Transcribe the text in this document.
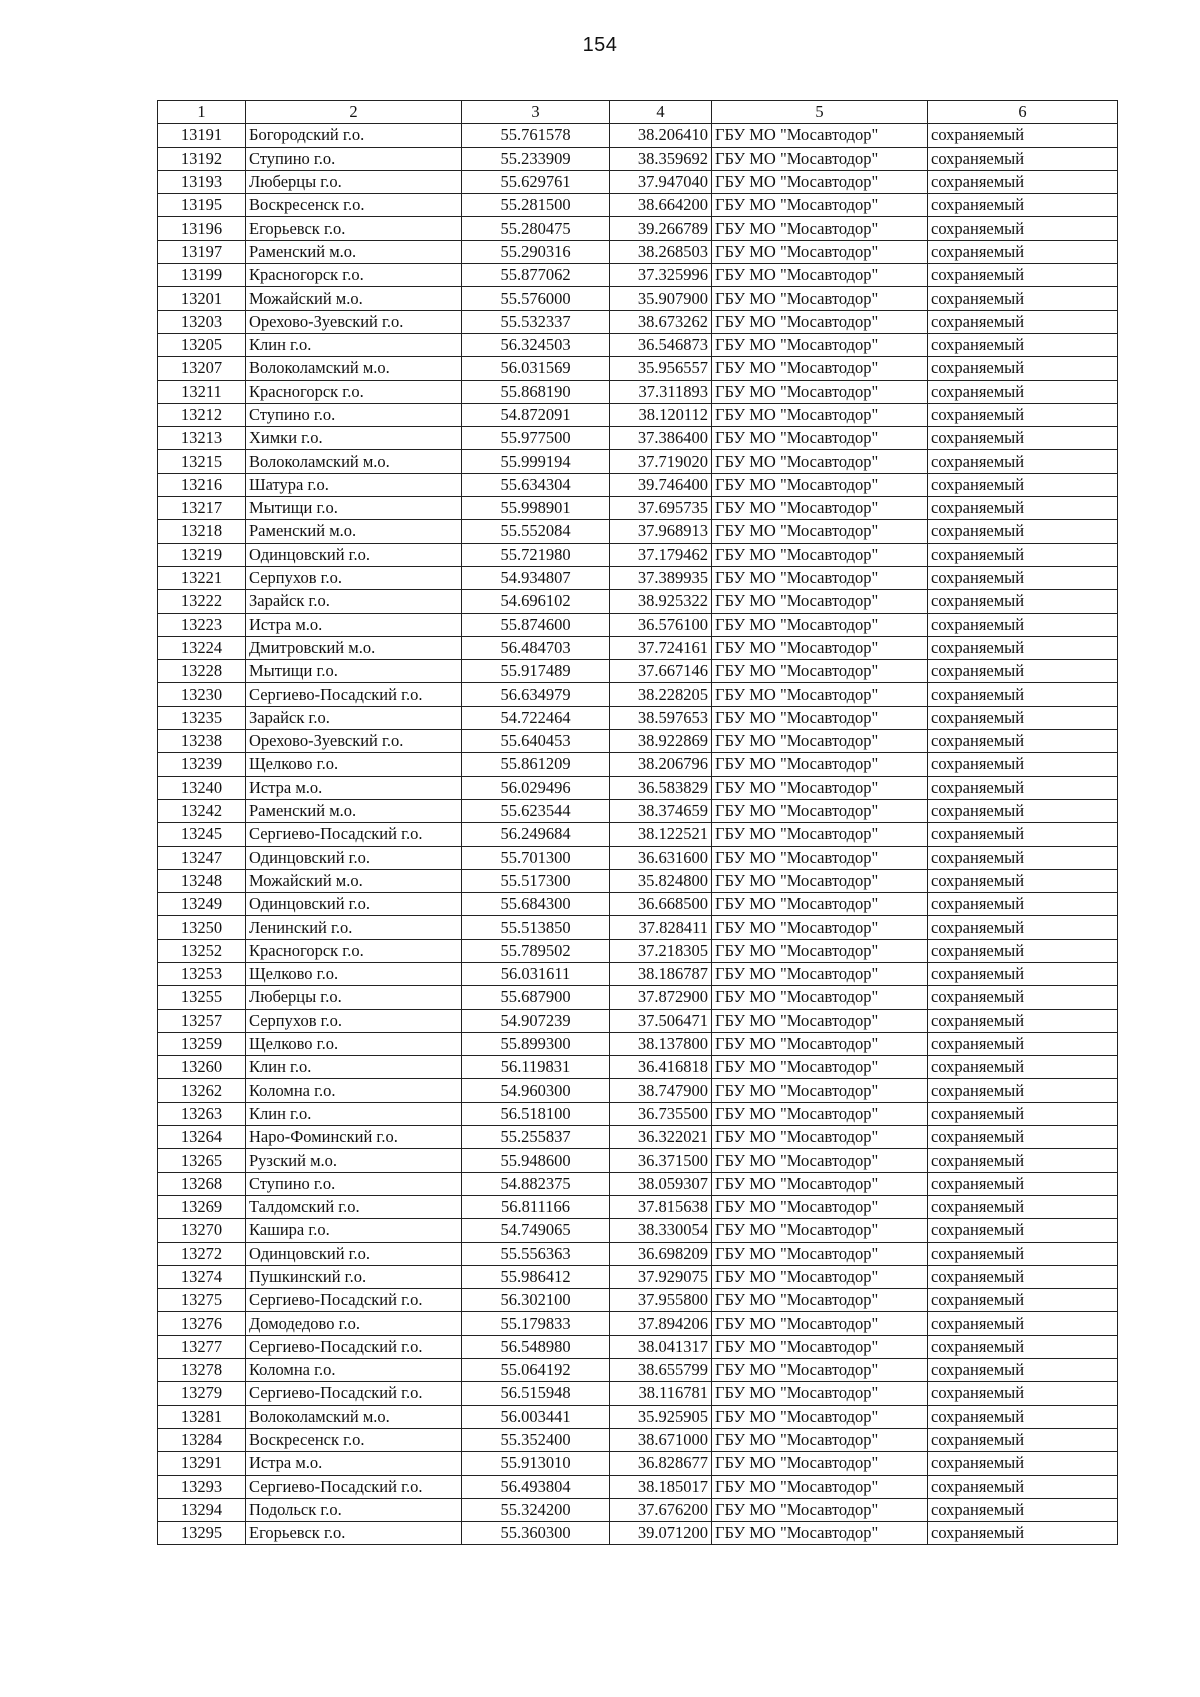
154
1	2	3	4	5	6
13191	Богородский г.о.	55.761578	38.206410	ГБУ МО "Мосавтодор"	сохраняемый
13192	Ступино г.о.	55.233909	38.359692	ГБУ МО "Мосавтодор"	сохраняемый
13193	Люберцы г.о.	55.629761	37.947040	ГБУ МО "Мосавтодор"	сохраняемый
13195	Воскресенск г.о.	55.281500	38.664200	ГБУ МО "Мосавтодор"	сохраняемый
13196	Егорьевск г.о.	55.280475	39.266789	ГБУ МО "Мосавтодор"	сохраняемый
13197	Раменский м.о.	55.290316	38.268503	ГБУ МО "Мосавтодор"	сохраняемый
13199	Красногорск г.о.	55.877062	37.325996	ГБУ МО "Мосавтодор"	сохраняемый
13201	Можайский м.о.	55.576000	35.907900	ГБУ МО "Мосавтодор"	сохраняемый
13203	Орехово-Зуевский г.о.	55.532337	38.673262	ГБУ МО "Мосавтодор"	сохраняемый
13205	Клин г.о.	56.324503	36.546873	ГБУ МО "Мосавтодор"	сохраняемый
13207	Волоколамский м.о.	56.031569	35.956557	ГБУ МО "Мосавтодор"	сохраняемый
13211	Красногорск г.о.	55.868190	37.311893	ГБУ МО "Мосавтодор"	сохраняемый
13212	Ступино г.о.	54.872091	38.120112	ГБУ МО "Мосавтодор"	сохраняемый
13213	Химки г.о.	55.977500	37.386400	ГБУ МО "Мосавтодор"	сохраняемый
13215	Волоколамский м.о.	55.999194	37.719020	ГБУ МО "Мосавтодор"	сохраняемый
13216	Шатура г.о.	55.634304	39.746400	ГБУ МО "Мосавтодор"	сохраняемый
13217	Мытищи г.о.	55.998901	37.695735	ГБУ МО "Мосавтодор"	сохраняемый
13218	Раменский м.о.	55.552084	37.968913	ГБУ МО "Мосавтодор"	сохраняемый
13219	Одинцовский г.о.	55.721980	37.179462	ГБУ МО "Мосавтодор"	сохраняемый
13221	Серпухов г.о.	54.934807	37.389935	ГБУ МО "Мосавтодор"	сохраняемый
13222	Зарайск г.о.	54.696102	38.925322	ГБУ МО "Мосавтодор"	сохраняемый
13223	Истра м.о.	55.874600	36.576100	ГБУ МО "Мосавтодор"	сохраняемый
13224	Дмитровский м.о.	56.484703	37.724161	ГБУ МО "Мосавтодор"	сохраняемый
13228	Мытищи г.о.	55.917489	37.667146	ГБУ МО "Мосавтодор"	сохраняемый
13230	Сергиево-Посадский г.о.	56.634979	38.228205	ГБУ МО "Мосавтодор"	сохраняемый
13235	Зарайск г.о.	54.722464	38.597653	ГБУ МО "Мосавтодор"	сохраняемый
13238	Орехово-Зуевский г.о.	55.640453	38.922869	ГБУ МО "Мосавтодор"	сохраняемый
13239	Щелково г.о.	55.861209	38.206796	ГБУ МО "Мосавтодор"	сохраняемый
13240	Истра м.о.	56.029496	36.583829	ГБУ МО "Мосавтодор"	сохраняемый
13242	Раменский м.о.	55.623544	38.374659	ГБУ МО "Мосавтодор"	сохраняемый
13245	Сергиево-Посадский г.о.	56.249684	38.122521	ГБУ МО "Мосавтодор"	сохраняемый
13247	Одинцовский г.о.	55.701300	36.631600	ГБУ МО "Мосавтодор"	сохраняемый
13248	Можайский м.о.	55.517300	35.824800	ГБУ МО "Мосавтодор"	сохраняемый
13249	Одинцовский г.о.	55.684300	36.668500	ГБУ МО "Мосавтодор"	сохраняемый
13250	Ленинский г.о.	55.513850	37.828411	ГБУ МО "Мосавтодор"	сохраняемый
13252	Красногорск г.о.	55.789502	37.218305	ГБУ МО "Мосавтодор"	сохраняемый
13253	Щелково г.о.	56.031611	38.186787	ГБУ МО "Мосавтодор"	сохраняемый
13255	Люберцы г.о.	55.687900	37.872900	ГБУ МО "Мосавтодор"	сохраняемый
13257	Серпухов г.о.	54.907239	37.506471	ГБУ МО "Мосавтодор"	сохраняемый
13259	Щелково г.о.	55.899300	38.137800	ГБУ МО "Мосавтодор"	сохраняемый
13260	Клин г.о.	56.119831	36.416818	ГБУ МО "Мосавтодор"	сохраняемый
13262	Коломна г.о.	54.960300	38.747900	ГБУ МО "Мосавтодор"	сохраняемый
13263	Клин г.о.	56.518100	36.735500	ГБУ МО "Мосавтодор"	сохраняемый
13264	Наро-Фоминский г.о.	55.255837	36.322021	ГБУ МО "Мосавтодор"	сохраняемый
13265	Рузский м.о.	55.948600	36.371500	ГБУ МО "Мосавтодор"	сохраняемый
13268	Ступино г.о.	54.882375	38.059307	ГБУ МО "Мосавтодор"	сохраняемый
13269	Талдомский г.о.	56.811166	37.815638	ГБУ МО "Мосавтодор"	сохраняемый
13270	Кашира г.о.	54.749065	38.330054	ГБУ МО "Мосавтодор"	сохраняемый
13272	Одинцовский г.о.	55.556363	36.698209	ГБУ МО "Мосавтодор"	сохраняемый
13274	Пушкинский г.о.	55.986412	37.929075	ГБУ МО "Мосавтодор"	сохраняемый
13275	Сергиево-Посадский г.о.	56.302100	37.955800	ГБУ МО "Мосавтодор"	сохраняемый
13276	Домодедово г.о.	55.179833	37.894206	ГБУ МО "Мосавтодор"	сохраняемый
13277	Сергиево-Посадский г.о.	56.548980	38.041317	ГБУ МО "Мосавтодор"	сохраняемый
13278	Коломна г.о.	55.064192	38.655799	ГБУ МО "Мосавтодор"	сохраняемый
13279	Сергиево-Посадский г.о.	56.515948	38.116781	ГБУ МО "Мосавтодор"	сохраняемый
13281	Волоколамский м.о.	56.003441	35.925905	ГБУ МО "Мосавтодор"	сохраняемый
13284	Воскресенск г.о.	55.352400	38.671000	ГБУ МО "Мосавтодор"	сохраняемый
13291	Истра м.о.	55.913010	36.828677	ГБУ МО "Мосавтодор"	сохраняемый
13293	Сергиево-Посадский г.о.	56.493804	38.185017	ГБУ МО "Мосавтодор"	сохраняемый
13294	Подольск г.о.	55.324200	37.676200	ГБУ МО "Мосавтодор"	сохраняемый
13295	Егорьевск г.о.	55.360300	39.071200	ГБУ МО "Мосавтодор"	сохраняемый
